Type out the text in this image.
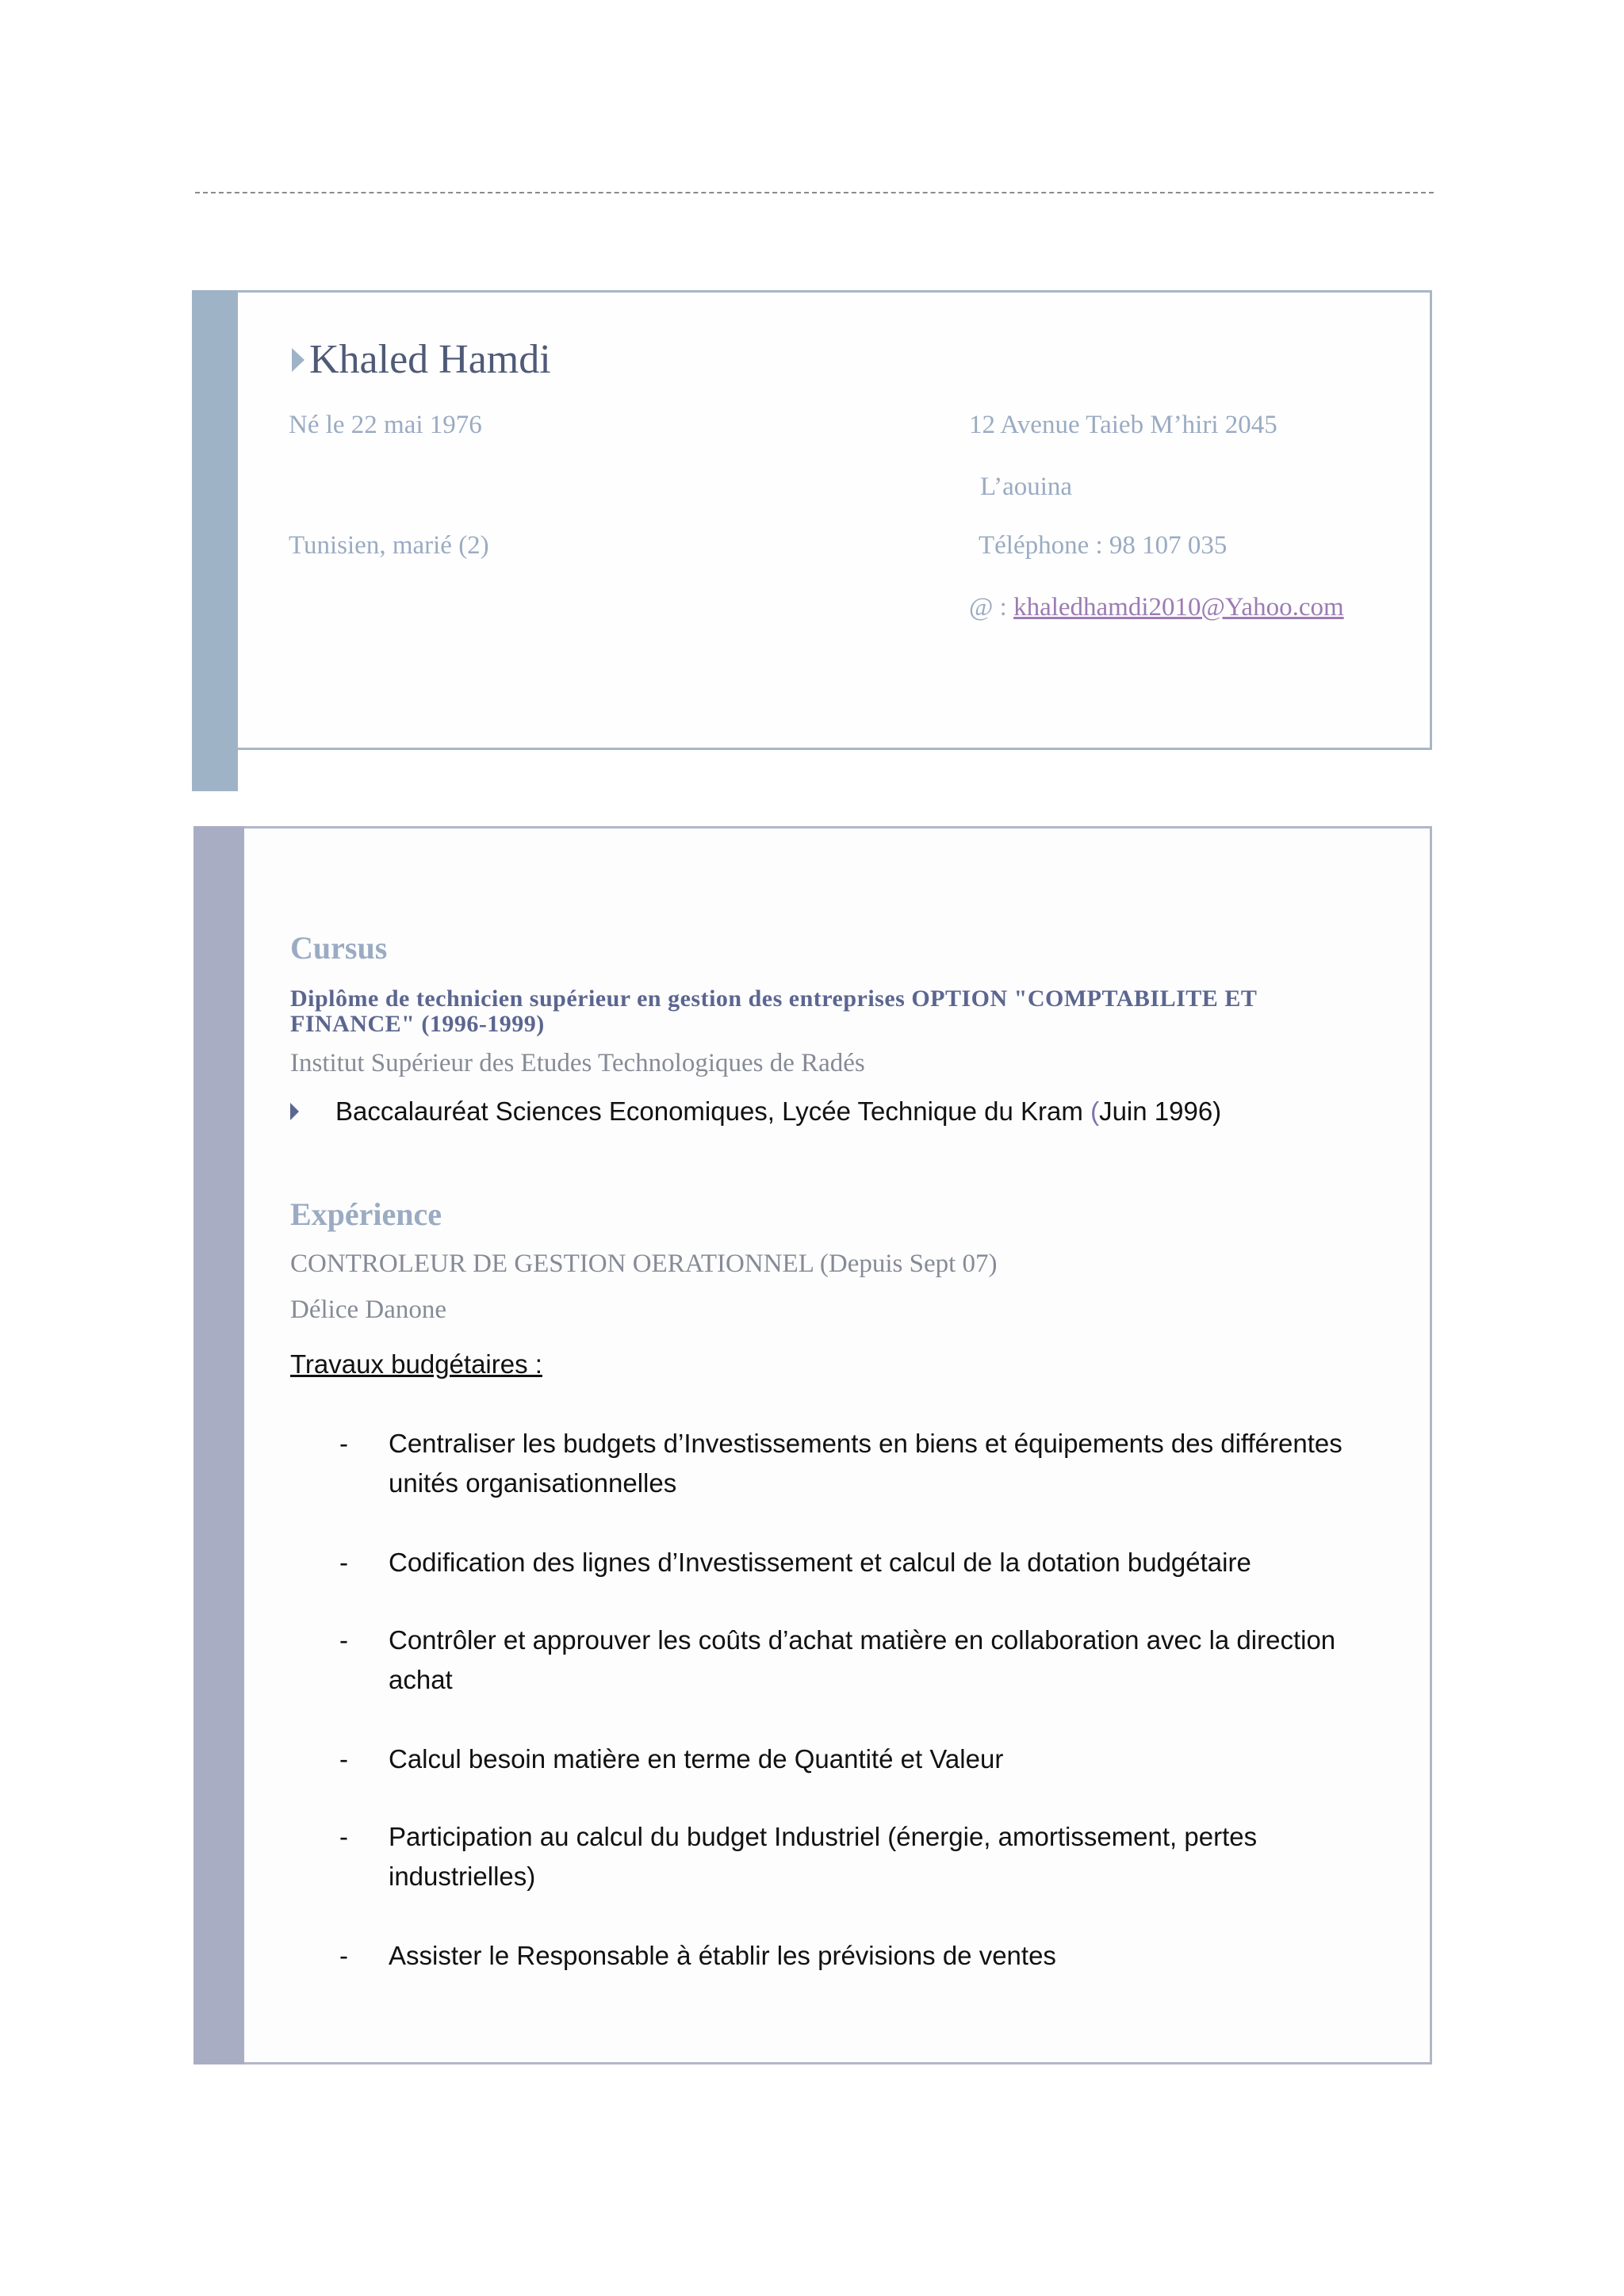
Khaled Hamdi
Né le 22 mai 1976
Tunisien, marié (2)
12 Avenue Taieb M’hiri 2045
L’aouina
Téléphone : 98 107 035
@ : khaledhamdi2010@Yahoo.com
Cursus
Diplôme de technicien supérieur en gestion des entreprises OPTION "COMPTABILITE ET FINANCE" (1996-1999)
Institut Supérieur des Etudes Technologiques de Radés
Baccalauréat Sciences Economiques, Lycée Technique du Kram (Juin 1996)
Expérience
CONTROLEUR DE GESTION OERATIONNEL (Depuis Sept 07)
Délice Danone
Travaux budgétaires :
-	Centraliser les budgets d’Investissements en biens et équipements des différentes unités organisationnelles
-	Codification des lignes d’Investissement et calcul de la dotation budgétaire
-	Contrôler et approuver les coûts d’achat matière en collaboration avec la direction achat
-	Calcul besoin matière en terme de Quantité et Valeur
-	Participation au calcul du budget Industriel (énergie, amortissement, pertes industrielles)
-	Assister le Responsable à établir les prévisions de ventes
